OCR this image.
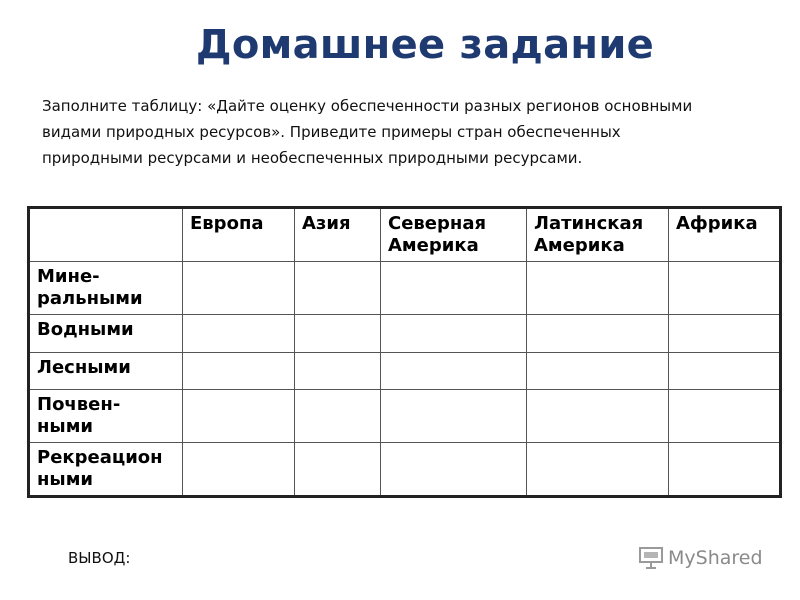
Домашнее задание
Заполните таблицу: «Дайте оценку обеспеченности разных регионов основными
видами природных ресурсов». Приведите примеры стран обеспеченных
природными ресурсами и необеспеченных природными ресурсами.
	Европа	Азия	Северная Америка	Латинская Америка	Африка
Мине-ральными					
Водными					
Лесными					
Почвен-ными					
Рекреацион ными					
ВЫВОД:	MyShared
